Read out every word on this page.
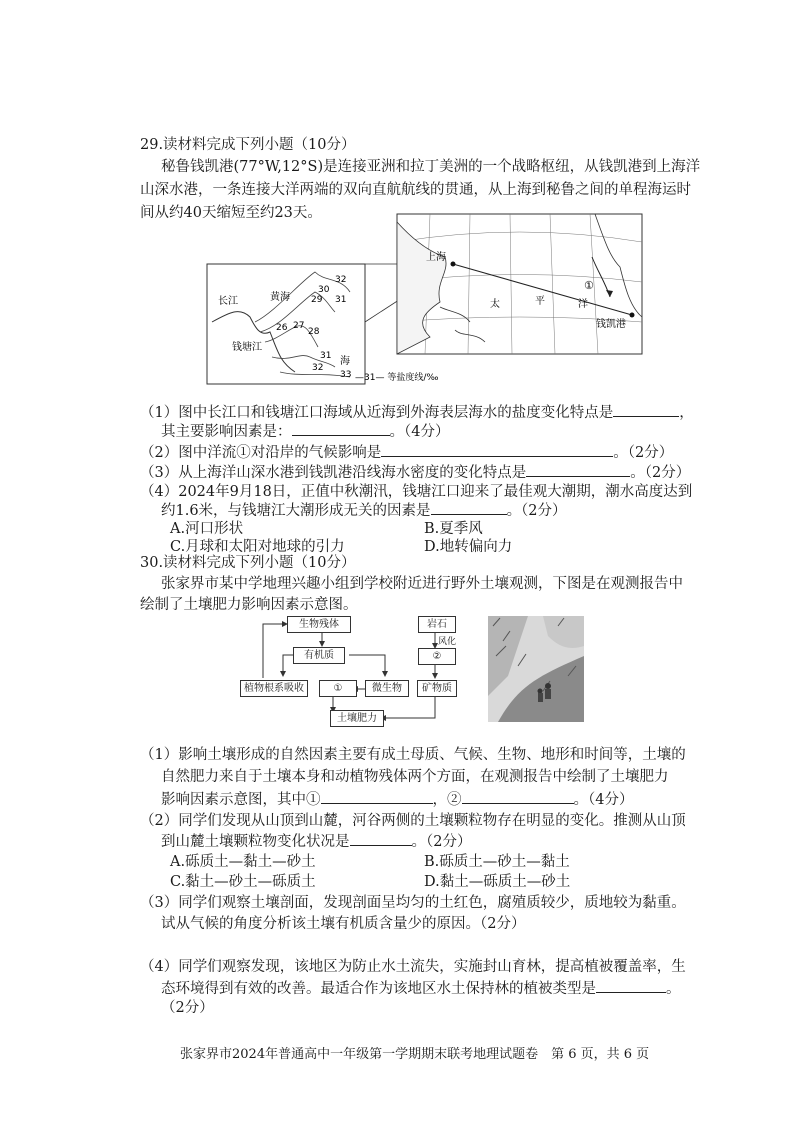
29.读材料完成下列小题（10分）
秘鲁钱凯港(77°W,12°S)是连接亚洲和拉丁美洲的一个战略枢纽，从钱凯港到上海洋
山深水港，一条连接大洋两端的双向直航航线的贯通，从上海到秘鲁之间的单程海运时
间从约40天缩短至约23天。
长江	黄海
钱塘江
海
32
30
29 31
26 27
28
31
32
33 —31— 等盐度线/‰
上海
太	平	洋
钱凯港
①
（1）图中长江口和钱塘江口海域从近海到外海表层海水的盐度变化特点是	，
其主要影响因素是：	。（4分）
（2）图中洋流①对沿岸的气候影响是	。（2分）
（3）从上海洋山深水港到钱凯港沿线海水密度的变化特点是	。（2分）
（4）2024年9月18日，正值中秋潮汛，钱塘江口迎来了最佳观大潮期，潮水高度达到
约1.6米，与钱塘江大潮形成无关的因素是	。（2分）
A.河口形状	B.夏季风
C.月球和太阳对地球的引力	D.地转偏向力
30.读材料完成下列小题（10分）
张家界市某中学地理兴趣小组到学校附近进行野外土壤观测，下图是在观测报告中
绘制了土壤肥力影响因素示意图。
生物残体
有机质
植物根系吸收	①	微生物
土壤肥力
岩石
风化
②
矿物质
（1）影响土壤形成的自然因素主要有成土母质、气候、生物、地形和时间等，土壤的
自然肥力来自于土壤本身和动植物残体两个方面，在观测报告中绘制了土壤肥力
影响因素示意图，其中①	，②	。（4分）
（2）同学们发现从山顶到山麓，河谷两侧的土壤颗粒物存在明显的变化。推测从山顶
到山麓土壤颗粒物变化状况是	。（2分）
A.砾质土—黏土—砂土	B.砾质土—砂土—黏土
C.黏土—砂土—砾质土	D.黏土—砾质土—砂土
（3）同学们观察土壤剖面，发现剖面呈均匀的土红色，腐殖质较少，质地较为黏重。
试从气候的角度分析该土壤有机质含量少的原因。（2分）
（4）同学们观察发现，该地区为防止水土流失，实施封山育林，提高植被覆盖率，生
态环境得到有效的改善。最适合作为该地区水土保持林的植被类型是	。
（2分）
张家界市2024年普通高中一年级第一学期期末联考地理试题卷　第 6 页，共 6 页
